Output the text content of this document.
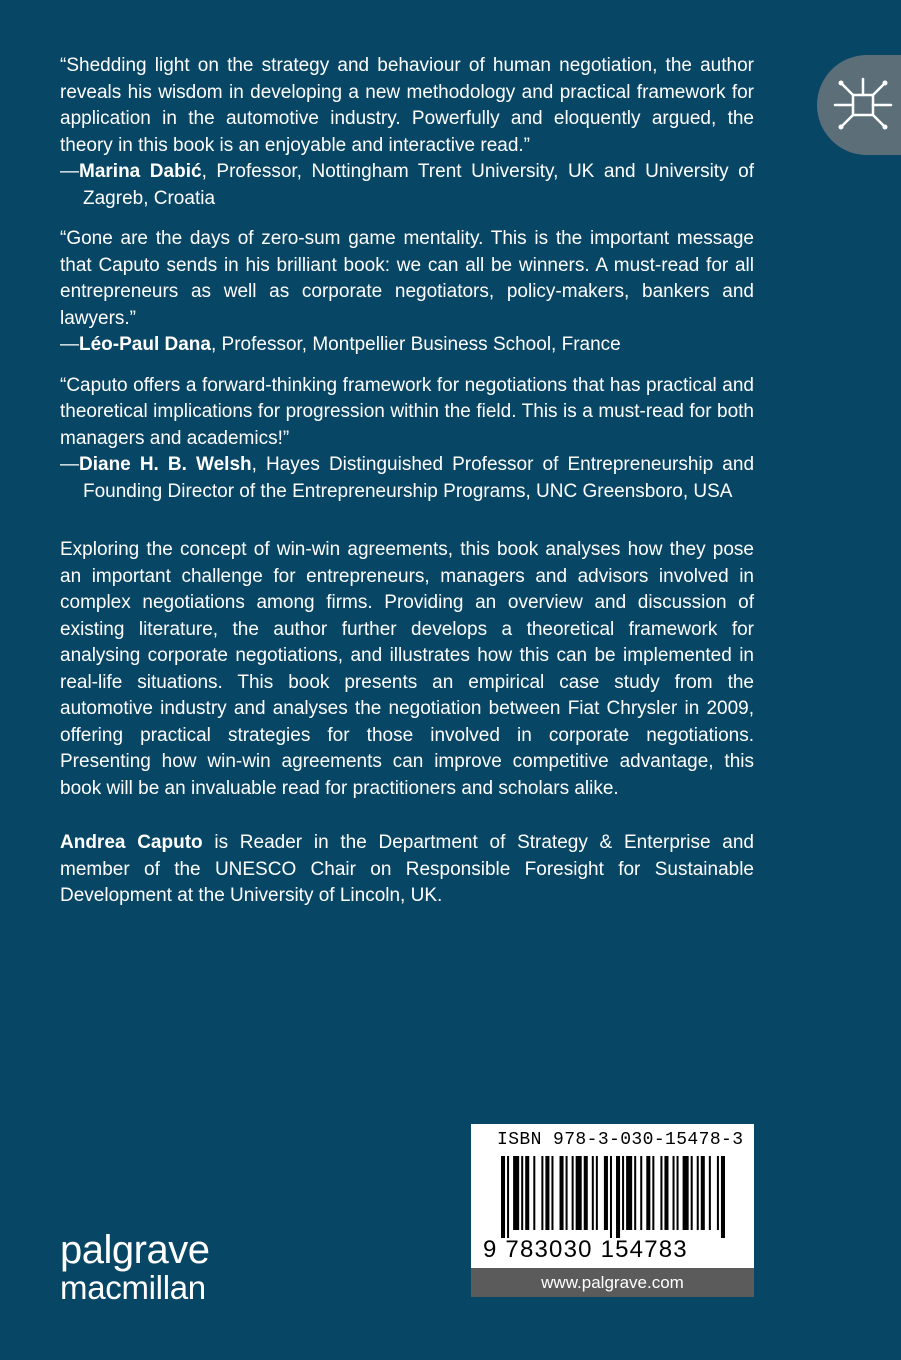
“Shedding light on the strategy and behaviour of human negotiation, the author reveals his wisdom in developing a new methodology and practical framework for application in the automotive industry. Powerfully and eloquently argued, the theory in this book is an enjoyable and interactive read.”

—Marina Dabić, Professor, Nottingham Trent University, UK and University of Zagreb, Croatia

“Gone are the days of zero-sum game mentality. This is the important message that Caputo sends in his brilliant book: we can all be winners. A must-read for all entrepreneurs as well as corporate negotiators, policy-makers, bankers and lawyers.”

—Léo-Paul Dana, Professor, Montpellier Business School, France

“Caputo offers a forward-thinking framework for negotiations that has practical and theoretical implications for progression within the field. This is a must-read for both managers and academics!”

—Diane H. B. Welsh, Hayes Distinguished Professor of Entrepreneurship and Founding Director of the Entrepreneurship Programs, UNC Greensboro, USA

Exploring the concept of win-win agreements, this book analyses how they pose an important challenge for entrepreneurs, managers and advisors involved in complex negotiations among firms. Providing an overview and discussion of existing literature, the author further develops a theoretical framework for analysing corporate negotiations, and illustrates how this can be implemented in real-life situations. This book presents an empirical case study from the automotive industry and analyses the negotiation between Fiat Chrysler in 2009, offering practical strategies for those involved in corporate negotiations. Presenting how win-win agreements can improve competitive advantage, this book will be an invaluable read for practitioners and scholars alike.

Andrea Caputo is Reader in the Department of Strategy & Enterprise and member of the UNESCO Chair on Responsible Foresight for Sustainable Development at the University of Lincoln, UK.

palgrave
macmillan
ISBN 978-3-030-15478-3
9 783030 154783
www.palgrave.com
